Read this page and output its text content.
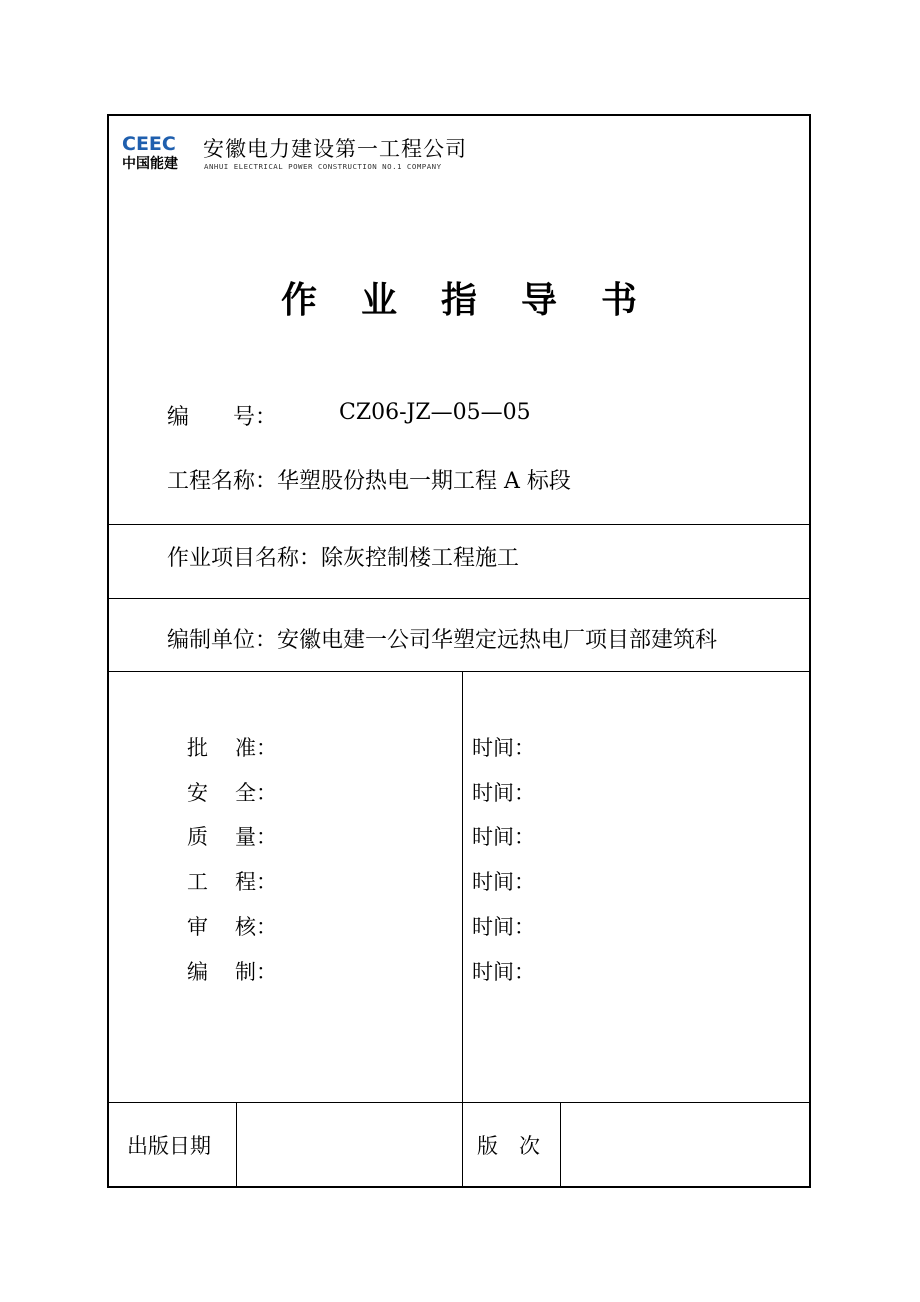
CEEC
中国能建
安徽电力建设第一工程公司
ANHUI ELECTRICAL POWER CONSTRUCTION NO.1 COMPANY
作业指导书
编　　号：	CZ06-JZ—05—05
工程名称：华塑股份热电一期工程 A 标段
作业项目名称：除灰控制楼工程施工
编制单位：安徽电建一公司华塑定远热电厂项目部建筑科
批 准：	时间：
安 全：	时间：
质 量：	时间：
工 程：	时间：
审 核：	时间：
编 制：	时间：
出版日期	版　次
